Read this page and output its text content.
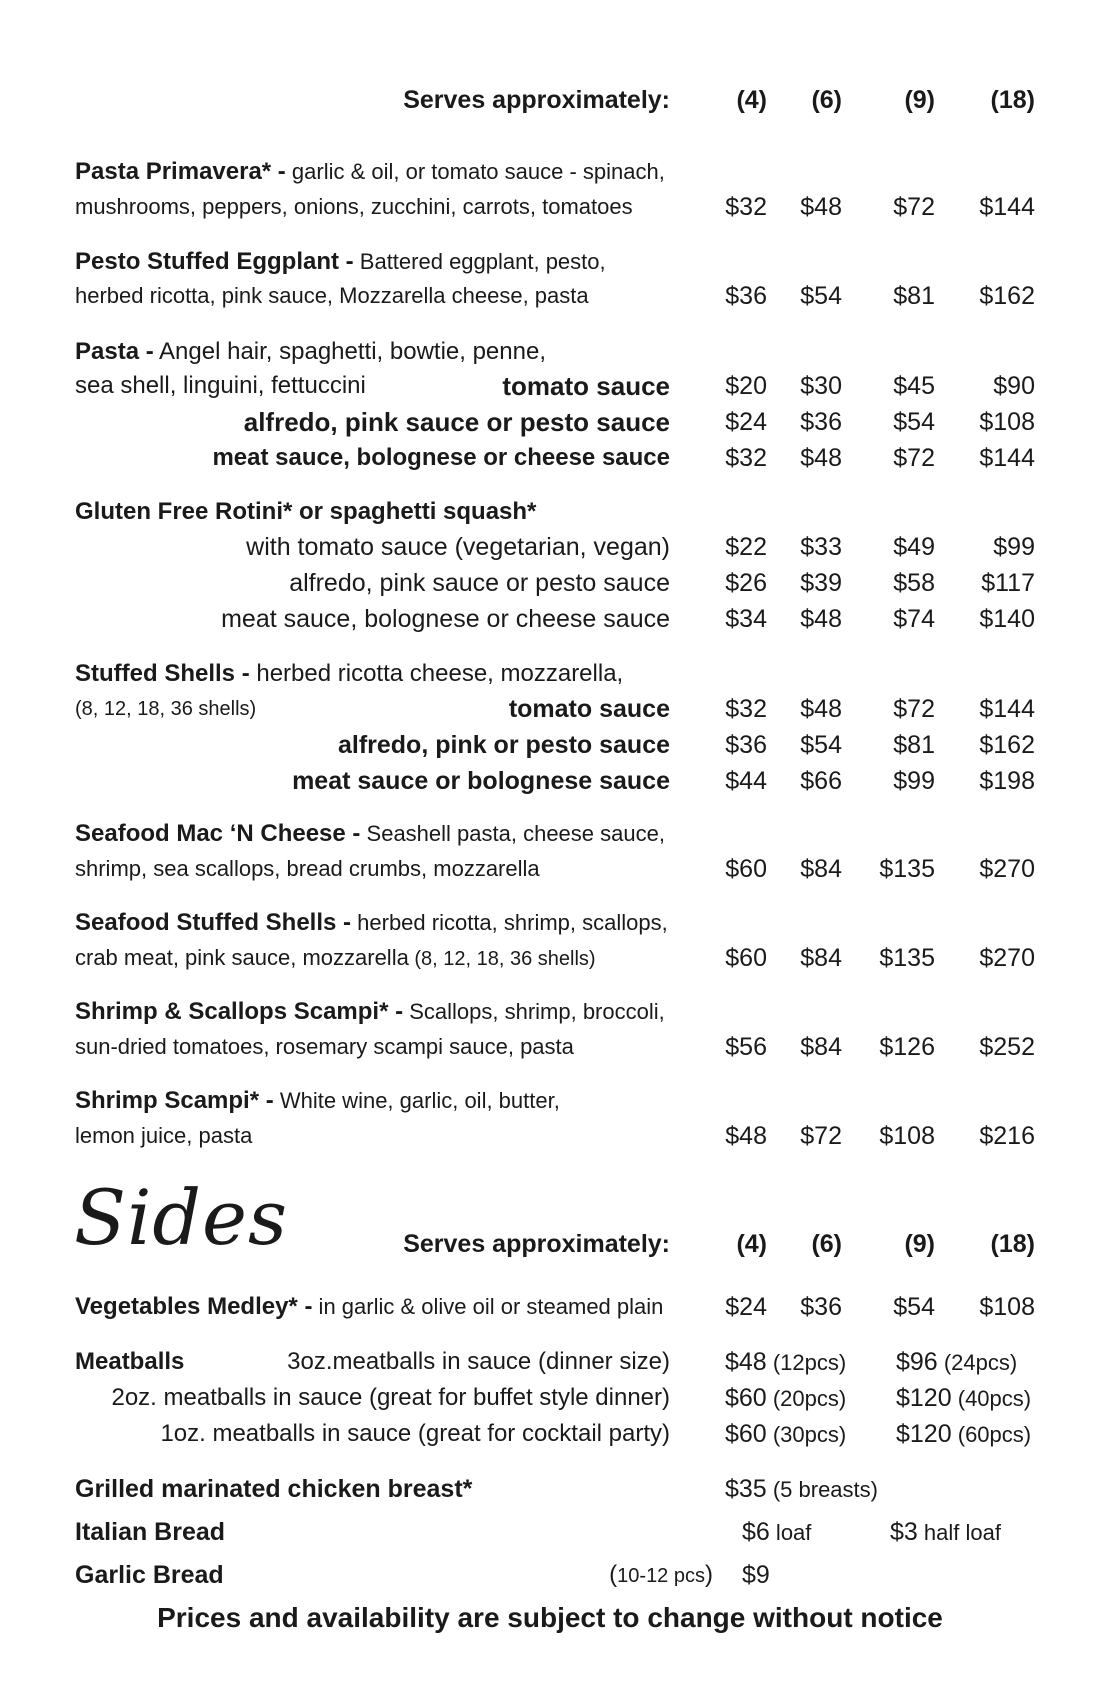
Serves approximately:	(4) (6) (9) (18)
Pasta Primavera* - garlic & oil, or tomato sauce - spinach,
mushrooms, peppers, onions, zucchini, carrots, tomatoes	$32 $48 $72 $144
Pesto Stuffed Eggplant - Battered eggplant, pesto,
herbed ricotta, pink sauce, Mozzarella cheese, pasta	$36 $54 $81 $162
Pasta - Angel hair, spaghetti, bowtie, penne,
sea shell, linguini, fettuccini	tomato sauce $20 $30 $45 $90
alfredo, pink sauce or pesto sauce $24 $36 $54 $108
meat sauce, bolognese or cheese sauce $32 $48 $72 $144
Gluten Free Rotini* or spaghetti squash*
with tomato sauce (vegetarian, vegan) $22 $33 $49 $99
alfredo, pink sauce or pesto sauce $26 $39 $58 $117
meat sauce, bolognese or cheese sauce $34 $48 $74 $140
Stuffed Shells - herbed ricotta cheese, mozzarella,
(8, 12, 18, 36 shells)	tomato sauce $32 $48 $72 $144
alfredo, pink or pesto sauce $36 $54 $81 $162
meat sauce or bolognese sauce $44 $66 $99 $198
Seafood Mac ‘N Cheese - Seashell pasta, cheese sauce,
shrimp, sea scallops, bread crumbs, mozzarella	$60 $84 $135 $270
Seafood Stuffed Shells - herbed ricotta, shrimp, scallops,
crab meat, pink sauce, mozzarella (8, 12, 18, 36 shells)	$60 $84 $135 $270
Shrimp & Scallops Scampi* - Scallops, shrimp, broccoli,
sun-dried tomatoes, rosemary scampi sauce, pasta	$56 $84 $126 $252
Shrimp Scampi* - White wine, garlic, oil, butter,
lemon juice, pasta	$48 $72 $108 $216
Sides	Serves approximately:	(4) (6) (9) (18)
Vegetables Medley* - in garlic & olive oil or steamed plain $24 $36 $54 $108
Meatballs	3oz.meatballs in sauce (dinner size) $48 (12pcs) $96 (24pcs)
2oz. meatballs in sauce (great for buffet style dinner) $60 (20pcs) $120 (40pcs)
1oz. meatballs in sauce (great for cocktail party) $60 (30pcs) $120 (60pcs)
Grilled marinated chicken breast*	$35 (5 breasts)
Italian Bread	$6 loaf	$3 half loaf
Garlic Bread	(10-12 pcs) $9
Prices and availability are subject to change without notice
